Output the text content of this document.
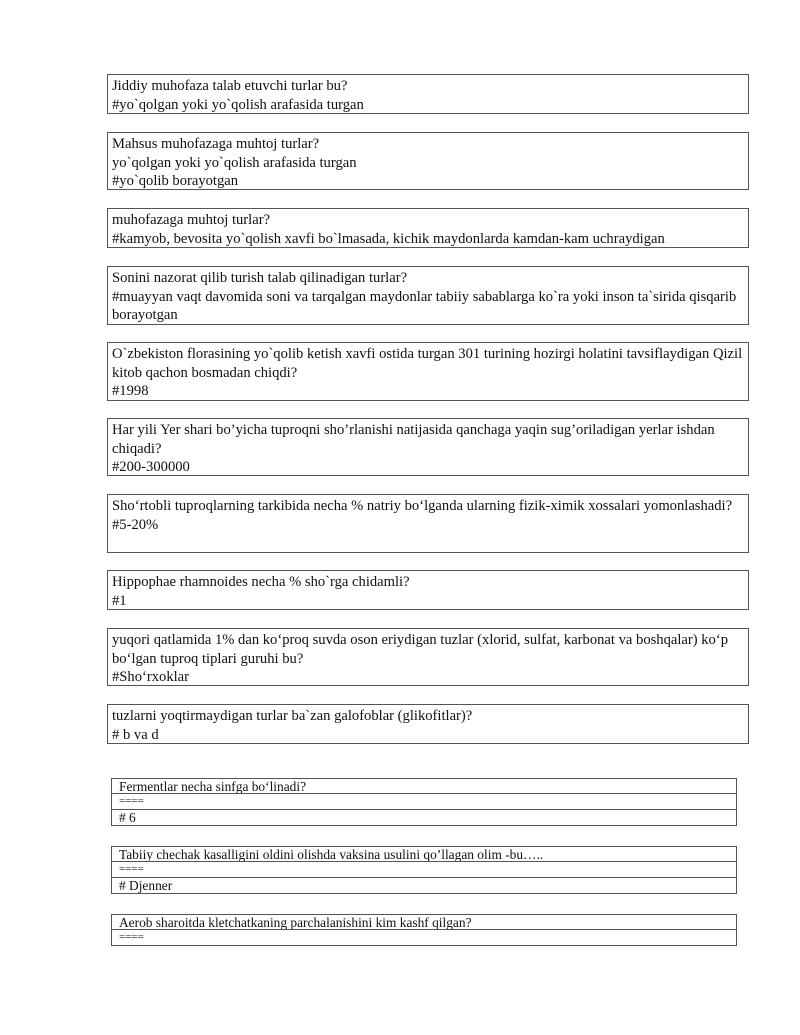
Jiddiy muhofaza talab etuvchi turlar bu?
#yo`qolgan yoki yo`qolish arafasida turgan
Mahsus muhofazaga muhtoj turlar?
yo`qolgan yoki yo`qolish arafasida turgan
#yo`qolib borayotgan
muhofazaga muhtoj turlar?
#kamyob, bevosita yo`qolish xavfi bo`lmasada, kichik maydonlarda kamdan-kam uchraydigan
Sonini nazorat qilib turish talab qilinadigan turlar?
#muayyan vaqt davomida soni va tarqalgan maydonlar tabiiy sabablarga ko`ra yoki inson ta`sirida qisqarib borayotgan
O`zbekiston florasining yo`qolib ketish xavfi ostida turgan 301 turining hozirgi holatini tavsiflaydigan Qizil kitob qachon bosmadan chiqdi?
#1998
Har yili Yer shari bo’yicha tuproqni sho’rlanishi natijasida qanchaga yaqin sug’oriladigan yerlar ishdan chiqadi?
#200-300000
Sho‘rtobli tuproqlarning tarkibida necha % natriy bo‘lganda ularning fizik-ximik xossalari yomonlashadi?
#5-20%
Hippophae rhamnoides necha % sho`rga chidamli?
#1
yuqori qatlamida 1% dan ko‘proq suvda oson eriydigan tuzlar (xlorid, sulfat, karbonat va boshqalar) ko‘p bo‘lgan tuproq tiplari guruhi bu?
#Sho‘rxoklar
tuzlarni yoqtirmaydigan turlar ba`zan galofoblar (glikofitlar)?
# b va d
Fermentlar necha sinfga bo‘linadi?
====
# 6
Tabiiy chechak kasalligini oldini olishda vaksina usulini qo’llagan olim -bu…..
====
# Djenner
Aerob sharoitda kletchatkaning parchalanishini kim kashf qilgan?
====
